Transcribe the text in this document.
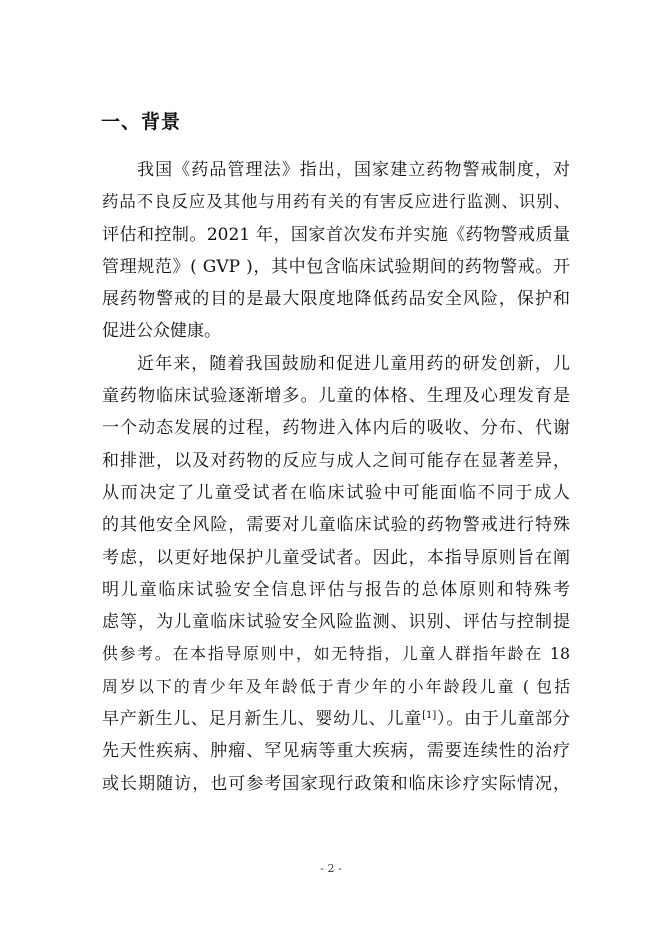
一、背景
我国《药品管理法》指出，国家建立药物警戒制度，对
药品不良反应及其他与用药有关的有害反应进行监测、识别、
评估和控制。2021 年，国家首次发布并实施《药物警戒质量
管理规范》( GVP )，其中包含临床试验期间的药物警戒。开
展药物警戒的目的是最大限度地降低药品安全风险，保护和
促进公众健康。
近年来，随着我国鼓励和促进儿童用药的研发创新，儿
童药物临床试验逐渐增多。儿童的体格、生理及心理发育是
一个动态发展的过程，药物进入体内后的吸收、分布、代谢
和排泄，以及对药物的反应与成人之间可能存在显著差异，
从而决定了儿童受试者在临床试验中可能面临不同于成人
的其他安全风险，需要对儿童临床试验的药物警戒进行特殊
考虑，以更好地保护儿童受试者。因此，本指导原则旨在阐
明儿童临床试验安全信息评估与报告的总体原则和特殊考
虑等，为儿童临床试验安全风险监测、识别、评估与控制提
供参考。在本指导原则中，如无特指，儿童人群指年龄在 18
周岁以下的青少年及年龄低于青少年的小年龄段儿童 ( 包括
早产新生儿、足月新生儿、婴幼儿、儿童[1]）。由于儿童部分
先天性疾病、肿瘤、罕见病等重大疾病，需要连续性的治疗
或长期随访，也可参考国家现行政策和临床诊疗实际情况，
- 2 -
